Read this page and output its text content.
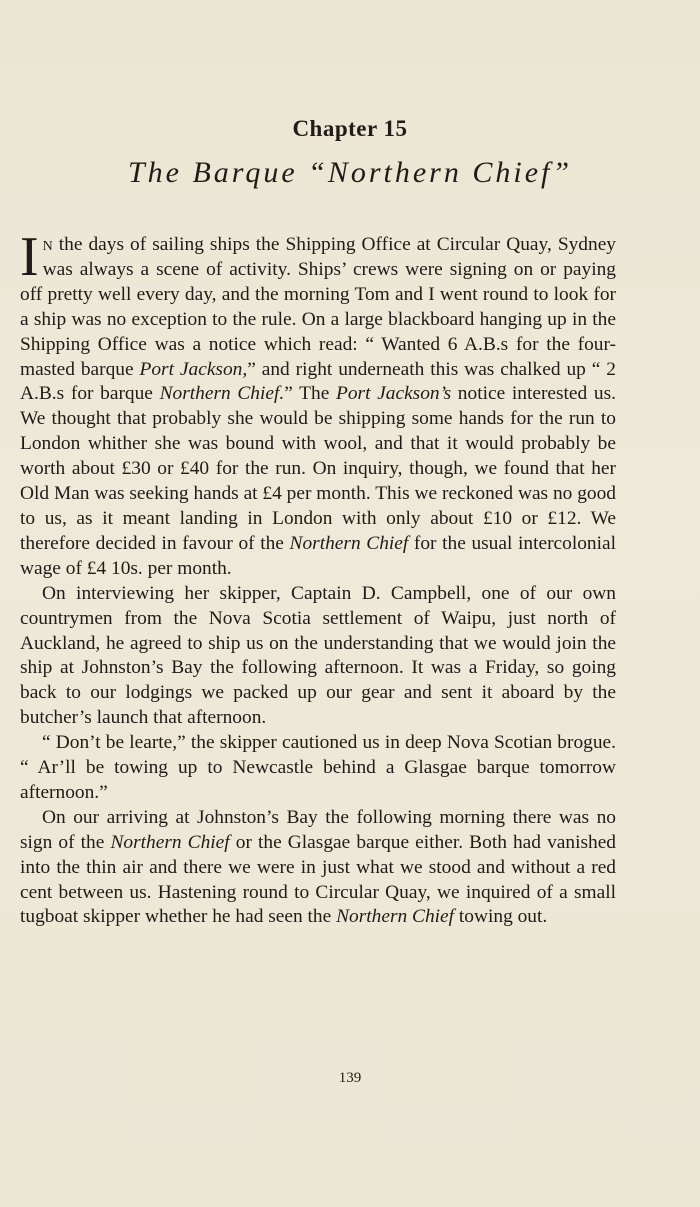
Chapter 15
The Barque “Northern Chief”

In the days of sailing ships the Shipping Office at Circular Quay, Sydney was always a scene of activity. Ships’ crews were signing on or paying off pretty well every day, and the morning Tom and I went round to look for a ship was no exception to the rule. On a large blackboard hanging up in the Shipping Office was a notice which read: “ Wanted 6 A.B.s for the four-masted barque Port Jackson,” and right underneath this was chalked up “ 2 A.B.s for barque Northern Chief.” The Port Jackson’s notice interested us. We thought that probably she would be shipping some hands for the run to London whither she was bound with wool, and that it would probably be worth about £30 or £40 for the run. On inquiry, though, we found that her Old Man was seeking hands at £4 per month. This we reckoned was no good to us, as it meant landing in London with only about £10 or £12. We therefore decided in favour of the Northern Chief for the usual intercolonial wage of £4 10s. per month.

On interviewing her skipper, Captain D. Campbell, one of our own countrymen from the Nova Scotia settlement of Waipu, just north of Auckland, he agreed to ship us on the understanding that we would join the ship at Johnston’s Bay the following afternoon. It was a Friday, so going back to our lodgings we packed up our gear and sent it aboard by the butcher’s launch that afternoon.

“ Don’t be learte,” the skipper cautioned us in deep Nova Scotian brogue. “ Ar’ll be towing up to Newcastle behind a Glasgae barque tomorrow afternoon.”

On our arriving at Johnston’s Bay the following morning there was no sign of the Northern Chief or the Glasgae barque either. Both had vanished into the thin air and there we were in just what we stood and without a red cent between us. Hastening round to Circular Quay, we inquired of a small tugboat skipper whether he had seen the Northern Chief towing out.

139
